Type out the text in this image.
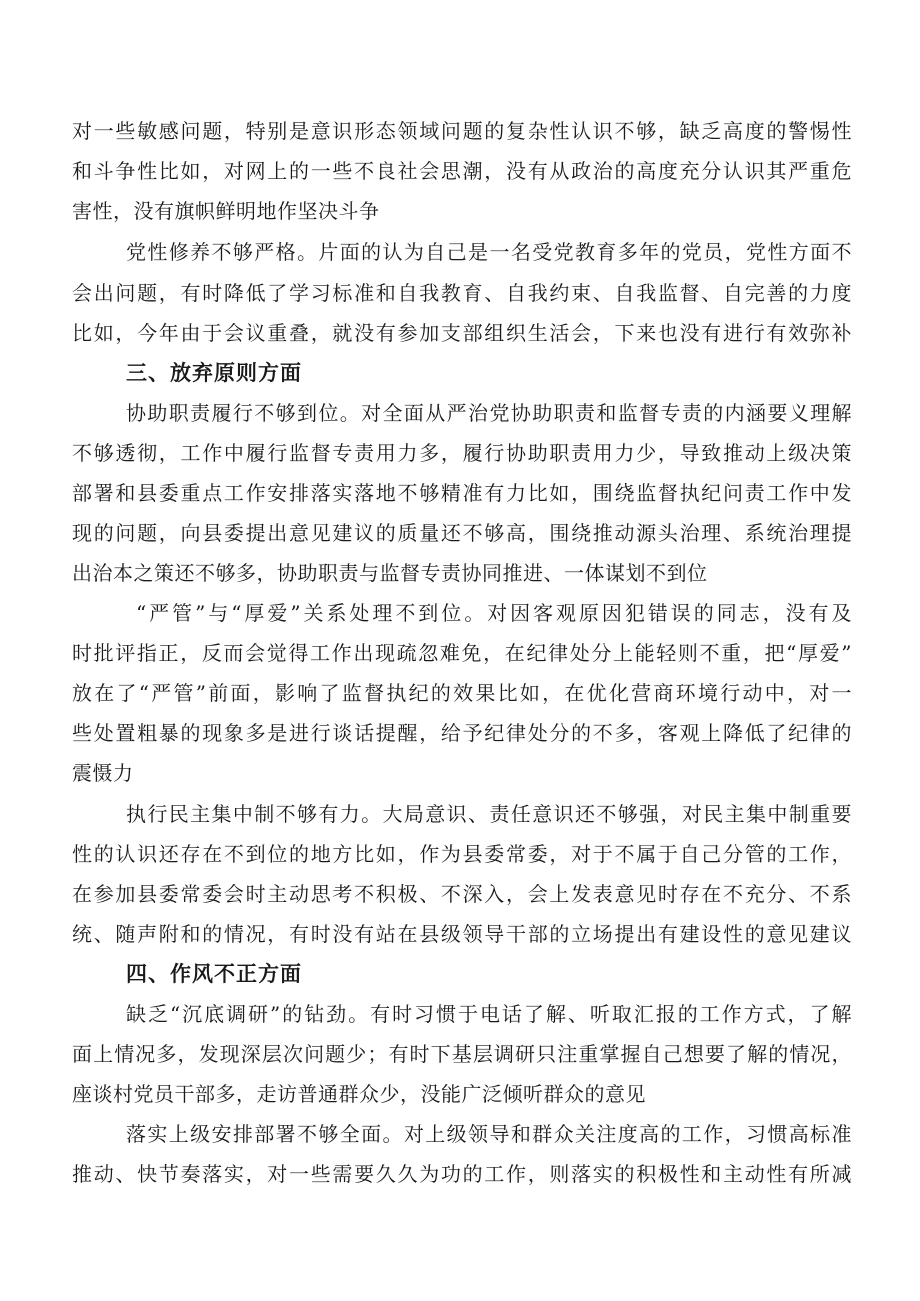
对一些敏感问题，特别是意识形态领域问题的复杂性认识不够，缺乏高度的警惕性
和斗争性比如，对网上的一些不良社会思潮，没有从政治的高度充分认识其严重危
害性，没有旗帜鲜明地作坚决斗争
党性修养不够严格。片面的认为自己是一名受党教育多年的党员，党性方面不
会出问题，有时降低了学习标准和自我教育、自我约束、自我监督、自完善的力度
比如，今年由于会议重叠，就没有参加支部组织生活会，下来也没有进行有效弥补
三、放弃原则方面
协助职责履行不够到位。对全面从严治党协助职责和监督专责的内涵要义理解
不够透彻，工作中履行监督专责用力多，履行协助职责用力少，导致推动上级决策
部署和县委重点工作安排落实落地不够精准有力比如，围绕监督执纪问责工作中发
现的问题，向县委提出意见建议的质量还不够高，围绕推动源头治理、系统治理提
出治本之策还不够多，协助职责与监督专责协同推进、一体谋划不到位
“严管”与“厚爱”关系处理不到位。对因客观原因犯错误的同志，没有及
时批评指正，反而会觉得工作出现疏忽难免，在纪律处分上能轻则不重，把“厚爱”
放在了“严管”前面，影响了监督执纪的效果比如，在优化营商环境行动中，对一
些处置粗暴的现象多是进行谈话提醒，给予纪律处分的不多，客观上降低了纪律的
震慑力
执行民主集中制不够有力。大局意识、责任意识还不够强，对民主集中制重要
性的认识还存在不到位的地方比如，作为县委常委，对于不属于自己分管的工作，
在参加县委常委会时主动思考不积极、不深入，会上发表意见时存在不充分、不系
统、随声附和的情况，有时没有站在县级领导干部的立场提出有建设性的意见建议
四、作风不正方面
缺乏“沉底调研”的钻劲。有时习惯于电话了解、听取汇报的工作方式，了解
面上情况多，发现深层次问题少；有时下基层调研只注重掌握自己想要了解的情况，
座谈村党员干部多，走访普通群众少，没能广泛倾听群众的意见
落实上级安排部署不够全面。对上级领导和群众关注度高的工作，习惯高标准
推动、快节奏落实，对一些需要久久为功的工作，则落实的积极性和主动性有所减
